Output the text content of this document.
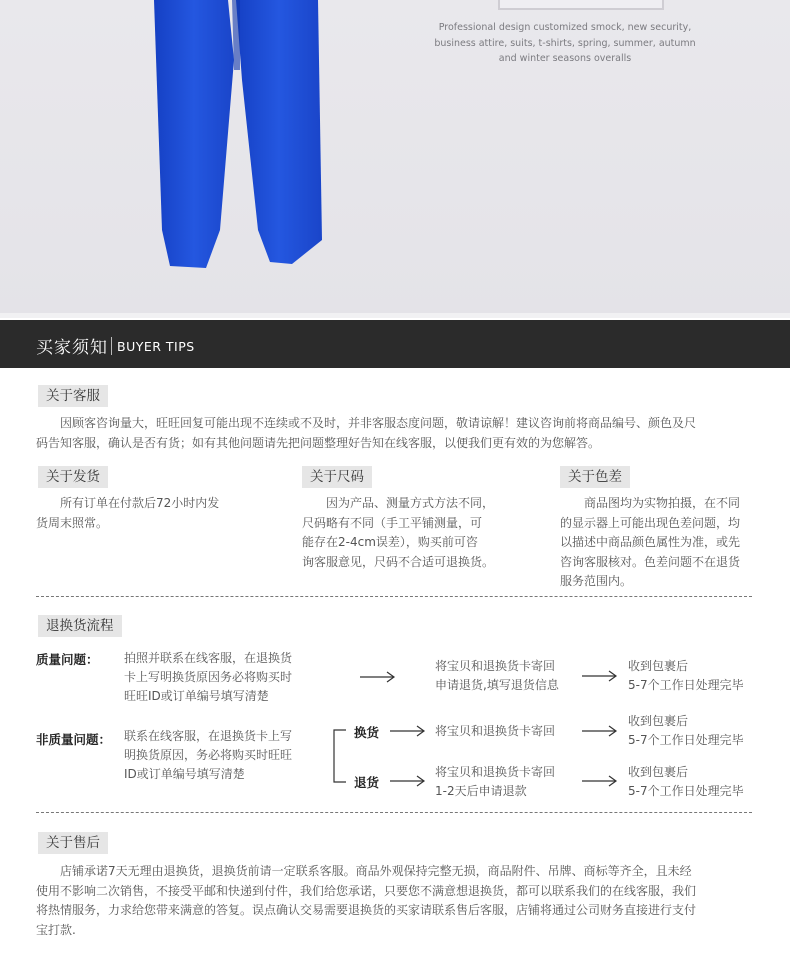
Professional design customized smock, new security, business attire, suits, t-shirts, spring, summer, autumn and winter seasons overalls
买家须知 BUYER TIPS
关于客服
因顾客咨询量大，旺旺回复可能出现不连续或不及时，并非客服态度问题，敬请谅解！建议咨询前将商品编号、颜色及尺
码告知客服，确认是否有货；如有其他问题请先把问题整理好告知在线客服，以便我们更有效的为您解答。
关于发货
所有订单在付款后72小时内发
货周末照常。
关于尺码
因为产品、测量方式方法不同，
尺码略有不同（手工平铺测量，可
能存在2-4cm误差），购买前可咨
询客服意见，尺码不合适可退换货。
关于色差
商品图均为实物拍摄，在不同
的显示器上可能出现色差问题，均
以描述中商品颜色属性为准，或先
咨询客服核对。色差问题不在退货
服务范围内。
退换货流程
质量问题： 拍照并联系在线客服，在退换货
卡上写明换货原因务必将购买时
旺旺ID或订单编号填写清楚
将宝贝和退换货卡寄回
申请退货,填写退货信息
收到包裹后
5-7个工作日处理完毕
非质量问题： 联系在线客服，在退换货卡上写
明换货原因，务必将购买时旺旺
ID或订单编号填写清楚
换货	将宝贝和退换货卡寄回
收到包裹后
5-7个工作日处理完毕
退货
将宝贝和退换货卡寄回
1-2天后申请退款
收到包裹后
5-7个工作日处理完毕
关于售后
店铺承诺7天无理由退换货，退换货前请一定联系客服。商品外观保持完整无损，商品附件、吊牌、商标等齐全，且未经
使用不影响二次销售，不接受平邮和快递到付件，我们给您承诺，只要您不满意想退换货，都可以联系我们的在线客服，我们
将热情服务，力求给您带来满意的答复。误点确认交易需要退换货的买家请联系售后客服，店铺将通过公司财务直接进行支付
宝打款.
